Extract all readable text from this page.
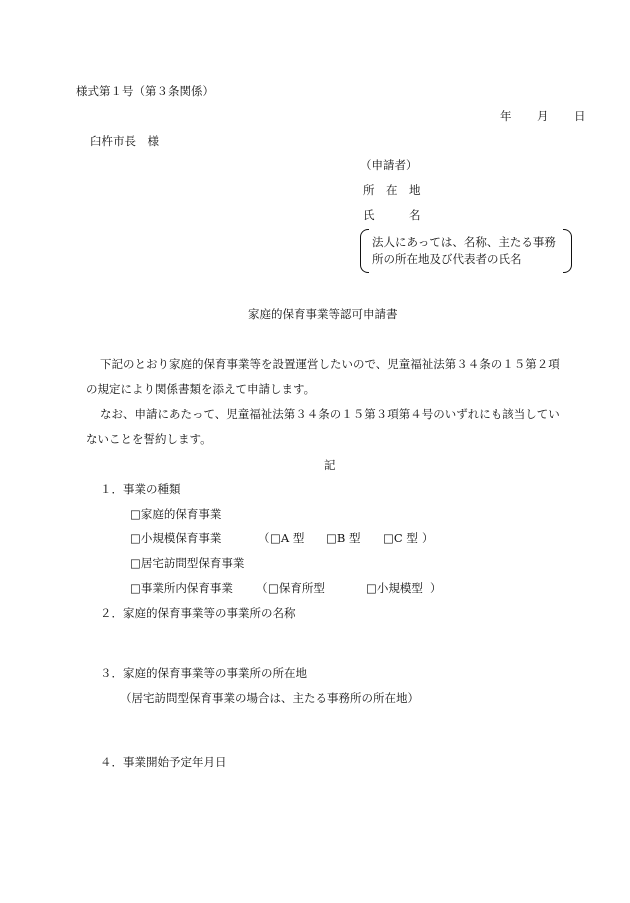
様式第１号（第３条関係）
年 月 日
臼杵市長　様
（申請者）
所　在　地
氏　　　名
法人にあっては、名称、主たる事務
所の所在地及び代表者の氏名
家庭的保育事業等認可申請書
下記のとおり家庭的保育事業等を設置運営したいので、児童福祉法第３４条の１５第２項
の規定により関係書類を添えて申請します。
なお、申請にあたって、児童福祉法第３４条の１５第３項第４号のいずれにも該当してい
ないことを誓約します。
記
１．事業の種類
□家庭的保育事業
□小規模保育事業	（ □A 型 □B 型 □C 型 ）
□居宅訪問型保育事業
□事業所内保育事業 （ □保育所型	□小規模型 ）
２．家庭的保育事業等の事業所の名称
３．家庭的保育事業等の事業所の所在地
（居宅訪問型保育事業の場合は、主たる事務所の所在地）
４．事業開始予定年月日
